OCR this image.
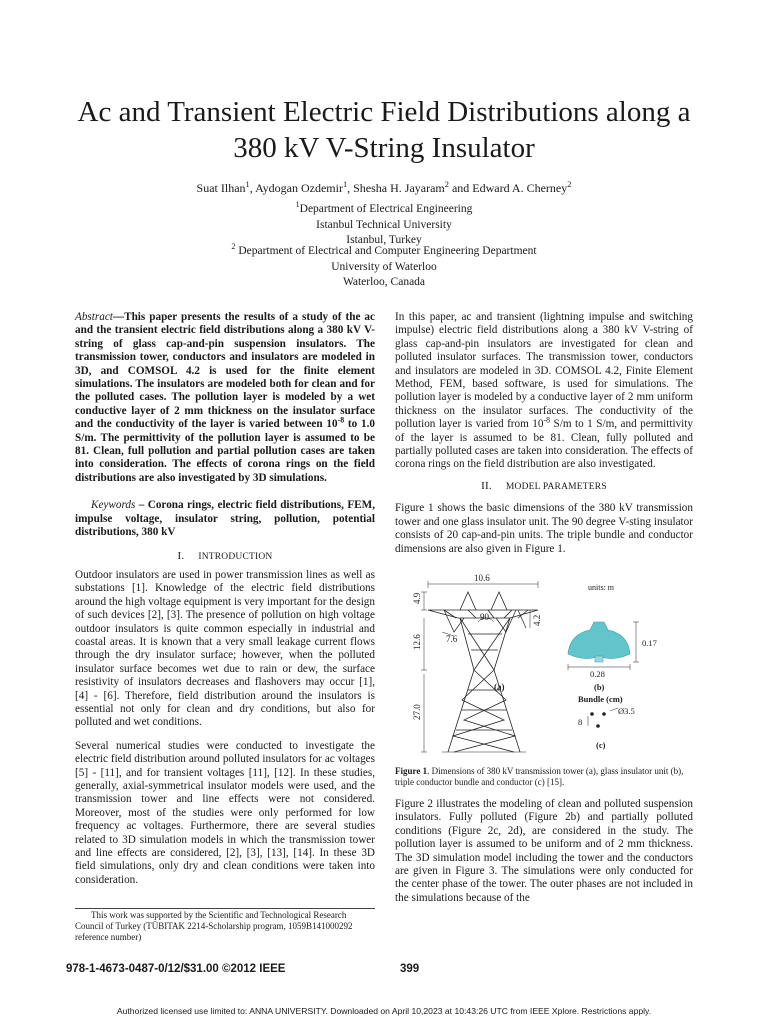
Ac and Transient Electric Field Distributions along a
380 kV V-String Insulator
Suat Ilhan$^1$, Aydogan Ozdemir$^1$, Shesha H. Jayaram$^2$ and Edward A. Cherney$^2$
$^1$Department of Electrical Engineering
Istanbul Technical University
Istanbul, Turkey
$^2$ Department of Electrical and Computer Engineering Department
University of Waterloo
Waterloo, Canada

Abstract—This paper presents the results of a study of the ac and the transient electric field distributions along a 380 kV V-string of glass cap-and-pin suspension insulators. The transmission tower, conductors and insulators are modeled in 3D, and COMSOL 4.2 is used for the finite element simulations. The insulators are modeled both for clean and for the polluted cases. The pollution layer is modeled by a wet conductive layer of 2 mm thickness on the insulator surface and the conductivity of the layer is varied between $10^{-8}$ to 1.0 S/m. The permittivity of the pollution layer is assumed to be 81. Clean, full pollution and partial pollution cases are taken into consideration. The effects of corona rings on the field distributions are also investigated by 3D simulations.

Keywords – Corona rings, electric field distributions, FEM, impulse voltage, insulator string, pollution, potential distributions, 380 kV

I. INTRODUCTION

Outdoor insulators are used in power transmission lines as well as substations [1]. Knowledge of the electric field distributions around the high voltage equipment is very important for the design of such devices [2], [3]. The presence of pollution on high voltage outdoor insulators is quite common especially in industrial and coastal areas. It is known that a very small leakage current flows through the dry insulator surface; however, when the polluted insulator surface becomes wet due to rain or dew, the surface resistivity of insulators decreases and flashovers may occur [1], [4] - [6]. Therefore, field distribution around the insulators is essential not only for clean and dry conditions, but also for polluted and wet conditions.

Several numerical studies were conducted to investigate the electric field distribution around polluted insulators for ac voltages [5] - [11], and for transient voltages [11], [12]. In these studies, generally, axial-symmetrical insulator models were used, and the transmission tower and line effects were not considered. Moreover, most of the studies were only performed for low frequency ac voltages. Furthermore, there are several studies related to 3D simulation models in which the transmission tower and line effects are considered, [2], [3], [13], [14]. In these 3D field simulations, only dry and clean conditions were taken into consideration.

This work was supported by the Scientific and Technological Research Council of Turkey (TÜBITAK 2214-Scholarship program, 1059B141000292 reference number)

In this paper, ac and transient (lightning impulse and switching impulse) electric field distributions along a 380 kV V-string of glass cap-and-pin insulators are investigated for clean and polluted insulator surfaces. The transmission tower, conductors and insulators are modeled in 3D. COMSOL 4.2, Finite Element Method, FEM, based software, is used for simulations. The pollution layer is modeled by a conductive layer of 2 mm uniform thickness on the insulator surfaces. The conductivity of the pollution layer is varied from $10^{-8}$ S/m to 1 S/m, and permittivity of the layer is assumed to be 81. Clean, fully polluted and partially polluted cases are taken into consideration. The effects of corona rings on the field distribution are also investigated.

II. MODEL PARAMETERS

Figure 1 shows the basic dimensions of the 380 kV transmission tower and one glass insulator unit. The 90 degree V-sting insulator consists of 20 cap-and-pin units. The triple bundle and conductor dimensions are also given in Figure 1.

10.6
4.9
90
7.6
4.2
12.6
27.0
(a)
units: m
0.17
0.28
(b)
Bundle (cm)
8
Ø3.5
(c)
Figure 1. Dimensions of 380 kV transmission tower (a), glass insulator unit (b), triple conductor bundle and conductor (c) [15].

Figure 2 illustrates the modeling of clean and polluted suspension insulators. Fully polluted (Figure 2b) and partially polluted conditions (Figure 2c, 2d), are considered in the study. The pollution layer is assumed to be uniform and of 2 mm thickness. The 3D simulation model including the tower and the conductors are given in Figure 3. The simulations were only conducted for the center phase of the tower. The outer phases are not included in the simulations because of the

978-1-4673-0487-0/12/$31.00 ©2012 IEEE	399
Authorized licensed use limited to: ANNA UNIVERSITY. Downloaded on April 10,2023 at 10:43:26 UTC from IEEE Xplore. Restrictions apply.
